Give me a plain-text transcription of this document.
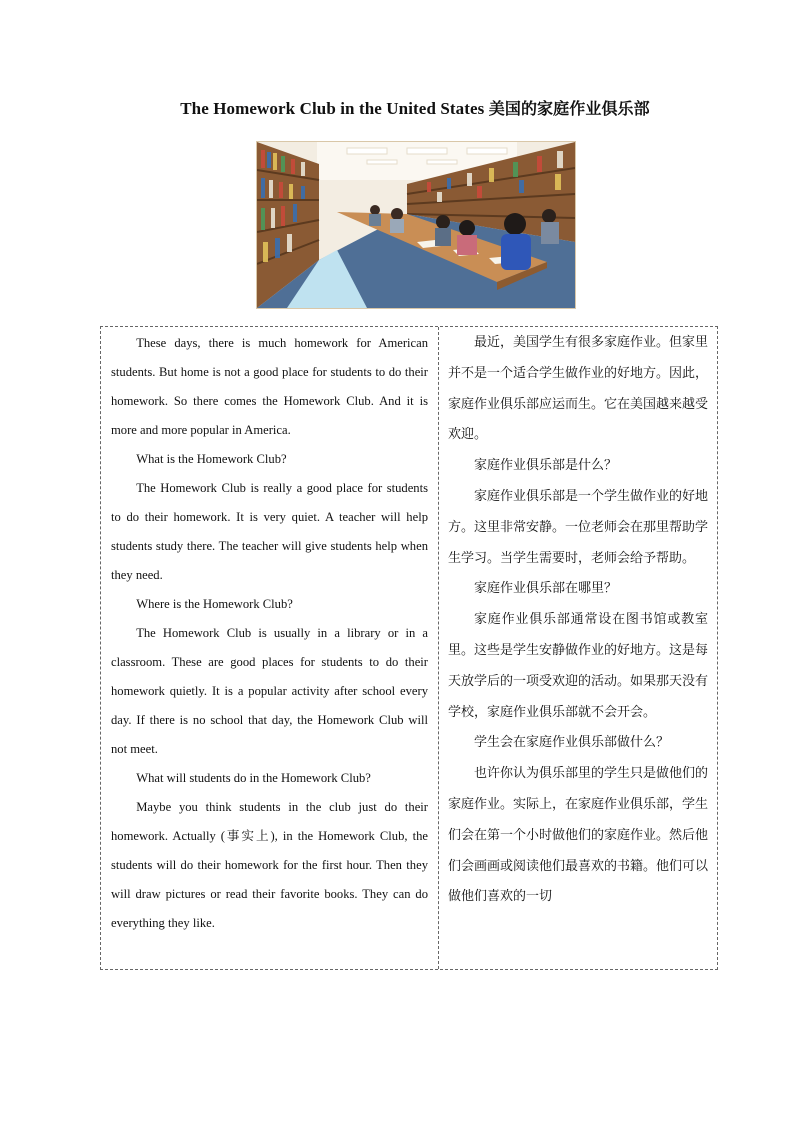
The Homework Club in the United States 美国的家庭作业俱乐部

These days, there is much homework for American students. But home is not a good place for students to do their homework. So there comes the Homework Club. And it is more and more popular in America.

What is the Homework Club?

The Homework Club is really a good place for students to do their homework. It is very quiet. A teacher will help students study there. The teacher will give students help when they need.

Where is the Homework Club?

The Homework Club is usually in a library or in a classroom. These are good places for students to do their homework quietly. It is a popular activity after school every day. If there is no school that day, the Homework Club will not meet.

What will students do in the Homework Club?

Maybe you think students in the club just do their homework. Actually (事实上), in the Homework Club, the students will do their homework for the first hour. Then they will draw pictures or read their favorite books. They can do everything they like.

最近，美国学生有很多家庭作业。但家里并不是一个适合学生做作业的好地方。因此，家庭作业俱乐部应运而生。它在美国越来越受欢迎。

家庭作业俱乐部是什么？

家庭作业俱乐部是一个学生做作业的好地方。这里非常安静。一位老师会在那里帮助学生学习。当学生需要时，老师会给予帮助。

家庭作业俱乐部在哪里？

家庭作业俱乐部通常设在图书馆或教室里。这些是学生安静做作业的好地方。这是每天放学后的一项受欢迎的活动。如果那天没有学校，家庭作业俱乐部就不会开会。

学生会在家庭作业俱乐部做什么？

也许你认为俱乐部里的学生只是做他们的家庭作业。实际上，在家庭作业俱乐部，学生们会在第一个小时做他们的家庭作业。然后他们会画画或阅读他们最喜欢的书籍。他们可以做他们喜欢的一切
